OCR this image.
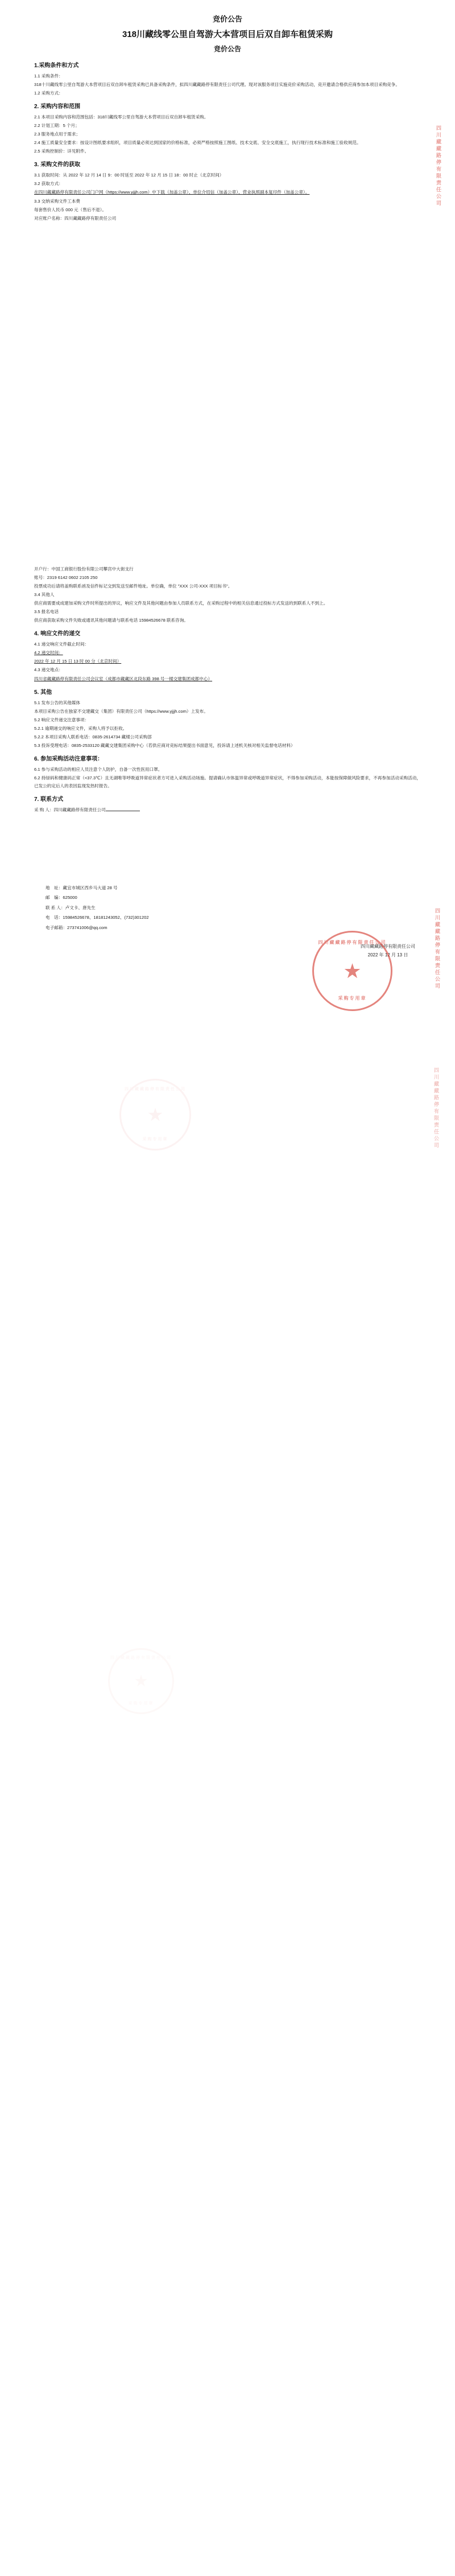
竞价公告

318川藏线零公里自驾游大本营项目后双自卸车租赁采购

竞价公告

1.采购条件和方式

1.1 采购条件：

318十川藏线零公里自驾游大本营项目后双自卸车租赁采购已具备采购条件，拟四川藏藏路停有限责任公司代理。现对该服务项目实施竞价采购活动，竞开邀请合格供应商参加本项目采购竞争。

1.2 采购方式：

2. 采购内容和范围

2.1 本项目采购内容和范围包括：318川藏线零公里自驾游大本营项目后双自卸车租赁采购。

2.2 计划工期：5 个月；

2.3 服务地点用于需求；

2.4 施工质量安全要求：按设计图纸要求组织，项目质量必须达到国家的价格标准，必须严格按照施工图纸、技术交底、安全交底施工，执行现行技术标准和施工验收规范。

2.5 采购控制价：详见附件。

3. 采购文件的获取

3.1 获取时间：从 2022 年 12 月 14 日 9：00 时延至 2022 年 12 月 15 日 18：00 时止（北京时间）

3.2 获取方式：

在四川藏藏路停有限责任公司门户网（https://www.yjjjh.com）中下载（加盖公章）、单位介绍信（加盖公章）、营业执照副本复印件（加盖公章）。

3.3 交纳采购文件工本费

每套售价人民币 000 元（售后不退）。

对应账户名称：四川藏藏路停有限责任公司

四川藏藏路停有限责任公司

开户行：中国工商银行股份有限公司攀宫中大街支行

账号：2319 6142 0602 2105 250

投票成功后请将盖购联系函及信件标记交到发送至邮件地址。单位确，单位 "XXX 公司-XXX 项目标书"。

3.4 其他人

供应商需要成成建加采购文件时所提出的异议，响应文件及其他问题由参加人员联系方式，在采购过程中的相关信息通过投标方式发送的到联系人不到上。

3.5 报名电话

供应商获取采购文件失败或通讯其他问题请与联系电话 15984526678 联系咨询。

4. 响应文件的递交

4.1 递交响应文件截止时间：

4.2 递交时间：

2022 年 12 月 15 日 13 时 00 分（北京时间）

4.3 递交地点：

四川省藏藏路停有限责任公司会议室（成都市藏藏区北段东路 398 号一楼交建集团成都中心）

5. 其他

5.1 发布公告的其他媒体

本项目采购公告在独家不交建藏交（集团）有限责任公司（https://www.yjjjh.com）上发布。

5.2 响应文件递交注意事项：

5.2.1 逾期递交的响应文件，采购人将予以拒收。

5.2.2 本项目采购人联系电话：0835-2614734 藏楼公司采购部

5.3 投诉受理电话：0835-2533120 藏藏交建集团采购中心（若供应商对竞标结果提出书面意见，投诉请上述机关核对相关监督电话材料）

6. 参加采购活动注意事项：

6.1 参与采购活动的相应人员注意个人防护，自备一次性医用口罩。

6.2 持绿码和健康码正常（<37.3℃）且无湖唯等呼吸道异常症状者方可进入采购活动场施。提请确认市体温异常或呼吸道异常症状，不得参加采购活动，本能按保障做风险要求，不再参加活动采购活动，已发公的定后人的表因监现发热时报告。

7. 联系方式

采 购 人：四川藏藏路停有限责任公司

地　址：藏宜市城区西乡马大道 28 号

邮　编：625000

联 系 人：卢文卡、唐先生

电　话：15984526678、18181243052、(732)301202

电子邮箱：273741006@qq.com

四川藏藏路停有限责任公司
2022 年 12 月 13 日
四川藏藏路停有限责任公司
★
采购专用章
四川藏藏路停有限责任公司
四川藏藏路停有限责任公司
★
采购专用章	四川藏藏路停有限责任公司
